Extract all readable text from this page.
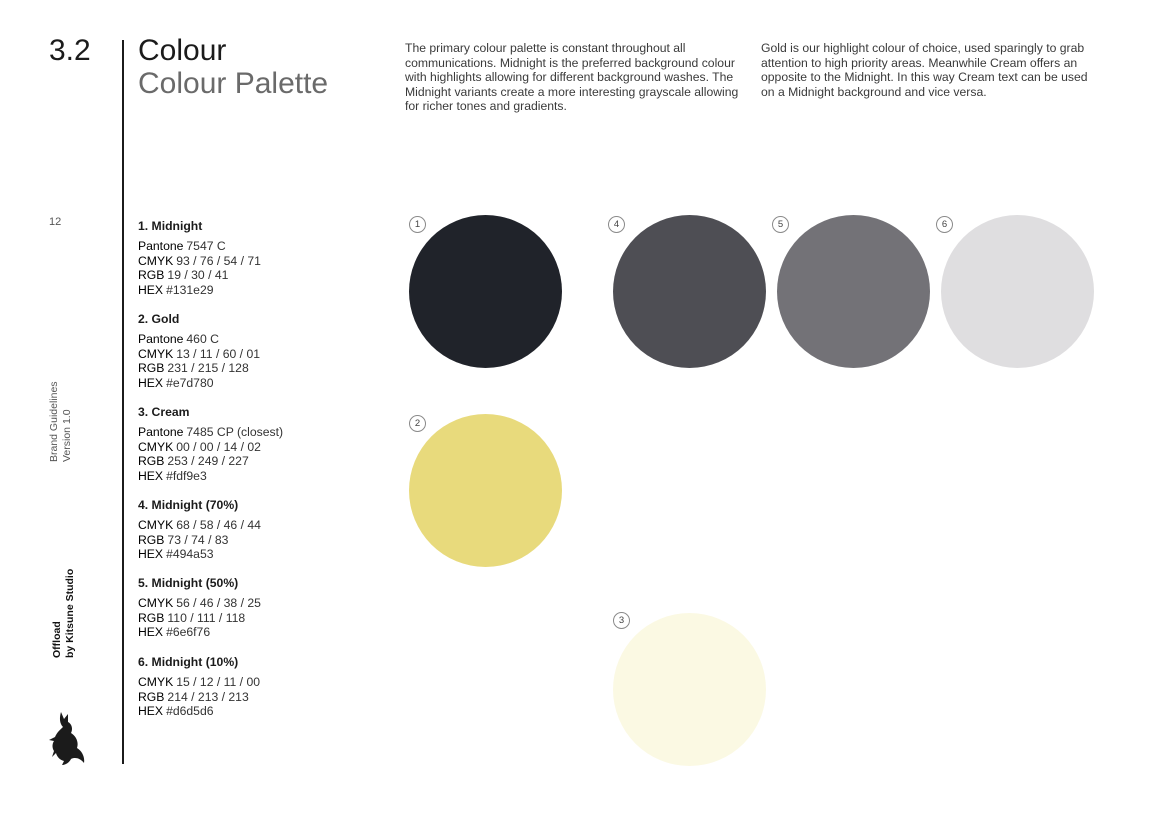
3.2 Colour
Colour Palette
The primary colour palette is constant throughout all communications. Midnight is the preferred background colour with highlights allowing for different background washes. The Midnight variants create a more interesting grayscale allowing for richer tones and gradients.
Gold is our highlight colour of choice, used sparingly to grab attention to high priority areas. Meanwhile Cream offers an opposite to the Midnight. In this way Cream text can be used on a Midnight background and vice versa.
12
Brand Guidelines Version 1.0
Offload by Kitsune Studio
1. Midnight
Pantone 7547 C
CMYK 93 / 76 / 54 / 71
RGB 19 / 30 / 41
HEX #131e29
2. Gold
Pantone 460 C
CMYK 13 / 11 / 60 / 01
RGB 231 / 215 / 128
HEX #e7d780
3. Cream
Pantone 7485 CP (closest)
CMYK 00 / 00 / 14 / 02
RGB 253 / 249 / 227
HEX #fdf9e3
4. Midnight (70%)
CMYK 68 / 58 / 46 / 44
RGB 73 / 74 / 83
HEX #494a53
5. Midnight (50%)
CMYK 56 / 46 / 38 / 25
RGB 110 / 111 / 118
HEX #6e6f76
6. Midnight (10%)
CMYK 15 / 12 / 11 / 00
RGB 214 / 213 / 213
HEX #d6d5d6
1	4	5	6
2
3
